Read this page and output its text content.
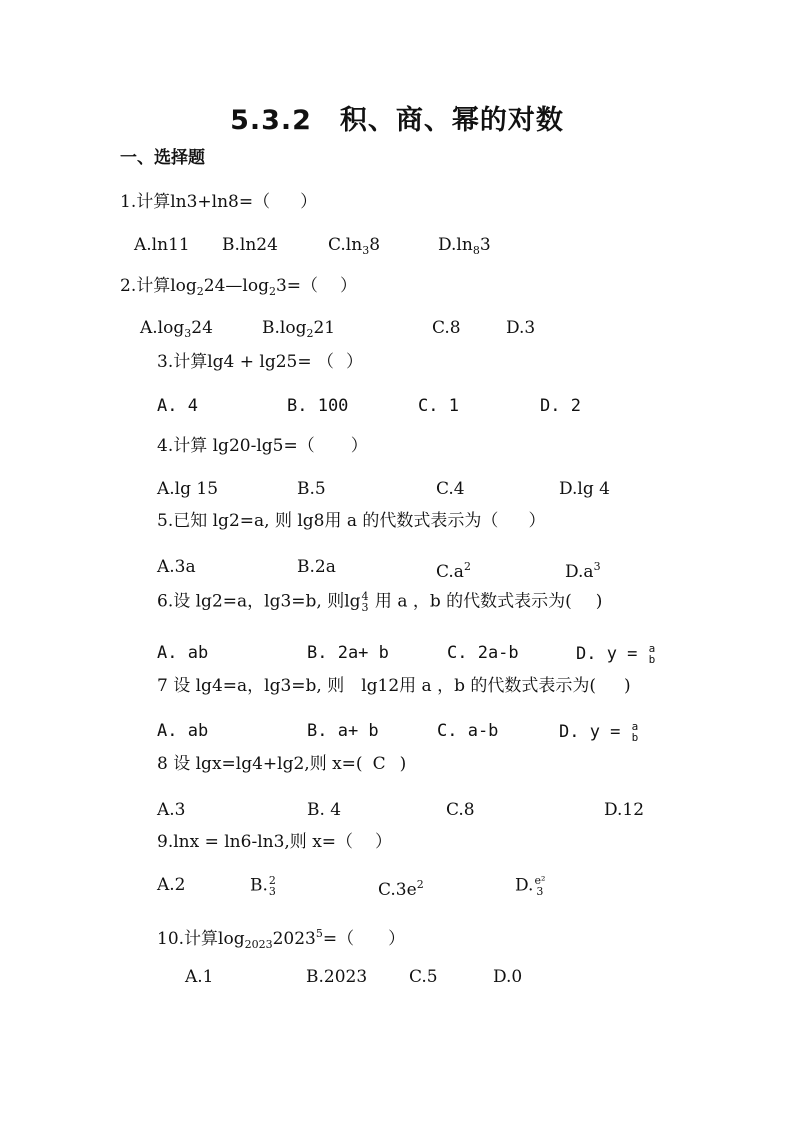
5.3.2　积、商、幂的对数
一、选择题
1.计算ln3+ln8=（ ）
A.ln11 B.ln24	$C.\ln_38$	$D.\ln_83$
2.计算$\log_224—\log_23=$（ ）
$A.\log_324$	$B.\log_221$	C.8	D.3
3.计算lg4 + lg25= （ ）
A. 4	B. 100	C. 1	D. 2
4.计算 lg20-lg5=（ ）
A.lg 15	B.5	C.4	D.lg 4
5.已知 lg2=a, 则 lg8用 a 的代数式表示为（ ）
A.3a	B.2a	$C.a^2$	$D.a^3$
6.设 lg2=a，lg3=b, 则lg 4
3 用 a ，b 的代数式表示为( )
A. ab	B. 2a+ b	C. 2a-b	D. y = a
b
7 设 lg4=a，lg3=b, 则　lg12用 a ，b 的代数式表示为( )
A. ab	B. a+ b	C. a-b	D. y = a
b
8 设 lgx=lg4+lg2,则 x=( C )
A.3	B. 4	C.8	D.12
9.lnx = ln6-ln3,则 x=（ ）
A.2	B. 2
3	$C.3e^2$	D. e²
3
10.计算$\log_{2023}2023^5=$（ ）
A.1	B.2023 C.5	D.0
